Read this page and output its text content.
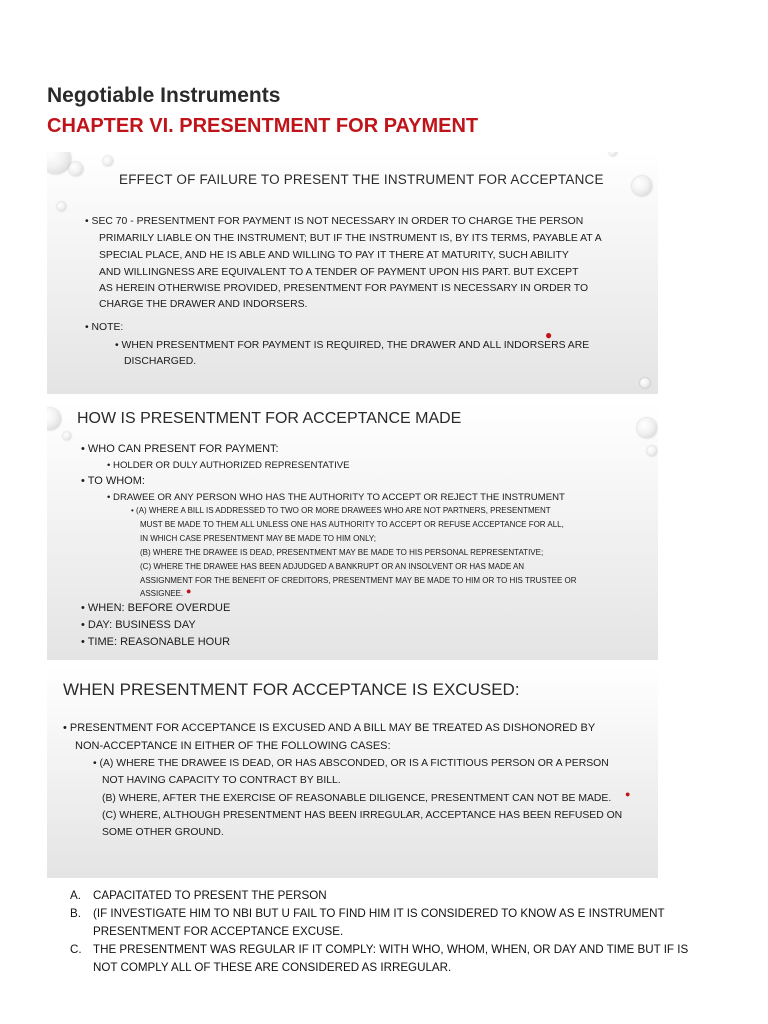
Negotiable Instruments
CHAPTER VI. PRESENTMENT FOR PAYMENT
EFFECT OF FAILURE TO PRESENT THE INSTRUMENT FOR ACCEPTANCE

• SEC 70 - PRESENTMENT FOR PAYMENT IS NOT NECESSARY IN ORDER TO CHARGE THE PERSON

PRIMARILY LIABLE ON THE INSTRUMENT; BUT IF THE INSTRUMENT IS, BY ITS TERMS, PAYABLE AT A

SPECIAL PLACE, AND HE IS ABLE AND WILLING TO PAY IT THERE AT MATURITY, SUCH ABILITY

AND WILLINGNESS ARE EQUIVALENT TO A TENDER OF PAYMENT UPON HIS PART. BUT EXCEPT

AS HEREIN OTHERWISE PROVIDED, PRESENTMENT FOR PAYMENT IS NECESSARY IN ORDER TO

CHARGE THE DRAWER AND INDORSERS.

• NOTE:

• WHEN PRESENTMENT FOR PAYMENT IS REQUIRED, THE DRAWER AND ALL INDORSERS ARE

DISCHARGED.

●
HOW IS PRESENTMENT FOR ACCEPTANCE MADE

• WHO CAN PRESENT FOR PAYMENT:

• HOLDER OR DULY AUTHORIZED REPRESENTATIVE

• TO WHOM:

• DRAWEE OR ANY PERSON WHO HAS THE AUTHORITY TO ACCEPT OR REJECT THE INSTRUMENT

• (A) WHERE A BILL IS ADDRESSED TO TWO OR MORE DRAWEES WHO ARE NOT PARTNERS, PRESENTMENT

MUST BE MADE TO THEM ALL UNLESS ONE HAS AUTHORITY TO ACCEPT OR REFUSE ACCEPTANCE FOR ALL,

IN WHICH CASE PRESENTMENT MAY BE MADE TO HIM ONLY;

(B) WHERE THE DRAWEE IS DEAD, PRESENTMENT MAY BE MADE TO HIS PERSONAL REPRESENTATIVE;

(C) WHERE THE DRAWEE HAS BEEN ADJUDGED A BANKRUPT OR AN INSOLVENT OR HAS MADE AN

ASSIGNMENT FOR THE BENEFIT OF CREDITORS, PRESENTMENT MAY BE MADE TO HIM OR TO HIS TRUSTEE OR

ASSIGNEE.

• WHEN: BEFORE OVERDUE

• DAY: BUSINESS DAY

• TIME: REASONABLE HOUR

●
WHEN PRESENTMENT FOR ACCEPTANCE IS EXCUSED:

• PRESENTMENT FOR ACCEPTANCE IS EXCUSED AND A BILL MAY BE TREATED AS DISHONORED BY

NON-ACCEPTANCE IN EITHER OF THE FOLLOWING CASES:

• (A) WHERE THE DRAWEE IS DEAD, OR HAS ABSCONDED, OR IS A FICTITIOUS PERSON OR A PERSON

NOT HAVING CAPACITY TO CONTRACT BY BILL.

(B) WHERE, AFTER THE EXERCISE OF REASONABLE DILIGENCE, PRESENTMENT CAN NOT BE MADE.

(C) WHERE, ALTHOUGH PRESENTMENT HAS BEEN IRREGULAR, ACCEPTANCE HAS BEEN REFUSED ON

SOME OTHER GROUND.

●
A. CAPACITATED TO PRESENT THE PERSON
B. (IF INVESTIGATE HIM TO NBI BUT U FAIL TO FIND HIM IT IS CONSIDERED TO KNOW AS E INSTRUMENT
PRESENTMENT FOR ACCEPTANCE EXCUSE.
C. THE PRESENTMENT WAS REGULAR IF IT COMPLY: WITH WHO, WHOM, WHEN, OR DAY AND TIME BUT IF IS
NOT COMPLY ALL OF THESE ARE CONSIDERED AS IRREGULAR.
